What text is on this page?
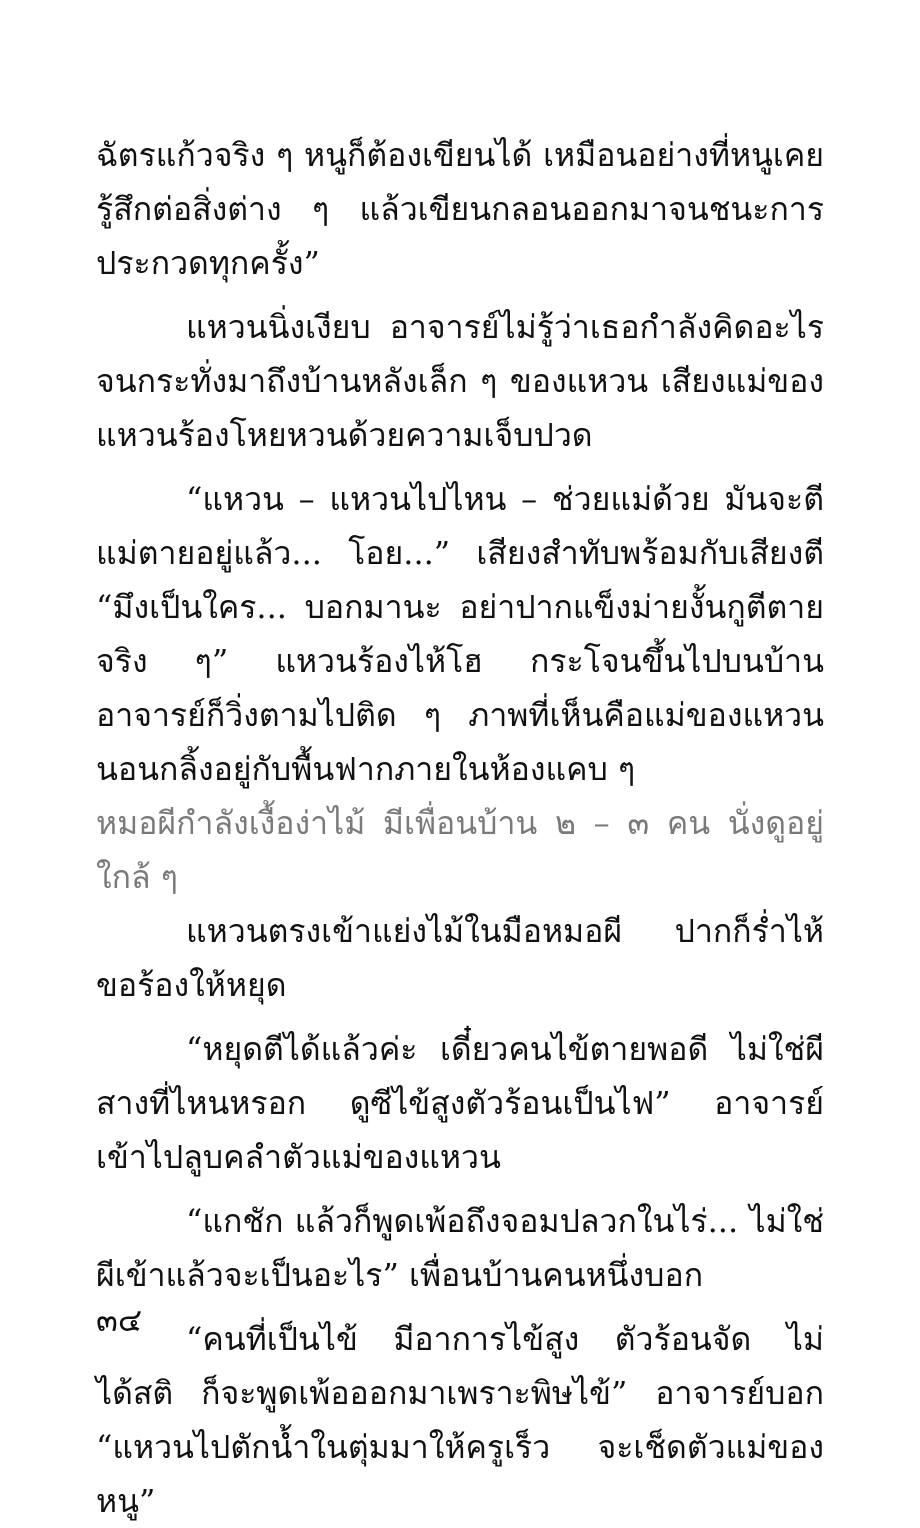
ฉัตรแก้วจริง ๆ หนูก็ต้องเขียนได้ เหมือนอย่างที่หนูเคยรู้สึกต่อสิ่งต่าง ๆ แล้วเขียนกลอนออกมาจนชนะการประกวดทุกครั้ง”

แหวนนิ่งเงียบ อาจารย์ไม่รู้ว่าเธอกำลังคิดอะไร จนกระทั่งมาถึงบ้านหลังเล็ก ๆ ของแหวน เสียงแม่ของแหวนร้องโหยหวนด้วยความเจ็บปวด

“แหวน – แหวนไปไหน – ช่วยแม่ด้วย มันจะตีแม่ตายอยู่แล้ว... โอย...” เสียงสำทับพร้อมกับเสียงตี “มึงเป็นใคร... บอกมานะ อย่าปากแข็งม่ายงั้นกูตีตายจริง ๆ” แหวนร้องไห้โฮ กระโจนขึ้นไปบนบ้าน อาจารย์ก็วิ่งตามไปติด ๆ ภาพที่เห็นคือแม่ของแหวนนอนกลิ้งอยู่กับพื้นฟากภายในห้องแคบ ๆ

หมอผีกำลังเงื้อง่าไม้ มีเพื่อนบ้าน ๒ – ๓ คน นั่งดูอยู่ใกล้ ๆ

แหวนตรงเข้าแย่งไม้ในมือหมอผี ปากก็ร่ำไห้ ขอร้องให้หยุด

“หยุดตีได้แล้วค่ะ เดี๋ยวคนไข้ตายพอดี ไม่ใช่ผีสางที่ไหนหรอก ดูซีไข้สูงตัวร้อนเป็นไฟ” อาจารย์เข้าไปลูบคลำตัวแม่ของแหวน

“แกชัก แล้วก็พูดเพ้อถึงจอมปลวกในไร่... ไม่ใช่ผีเข้าแล้วจะเป็นอะไร” เพื่อนบ้านคนหนึ่งบอก

“คนที่เป็นไข้ มีอาการไข้สูง ตัวร้อนจัด ไม่ได้สติ ก็จะพูดเพ้อออกมาเพราะพิษไข้” อาจารย์บอก “แหวนไปตักน้ำในตุ่มมาให้ครูเร็ว จะเช็ดตัวแม่ของหนู”

๓๔
